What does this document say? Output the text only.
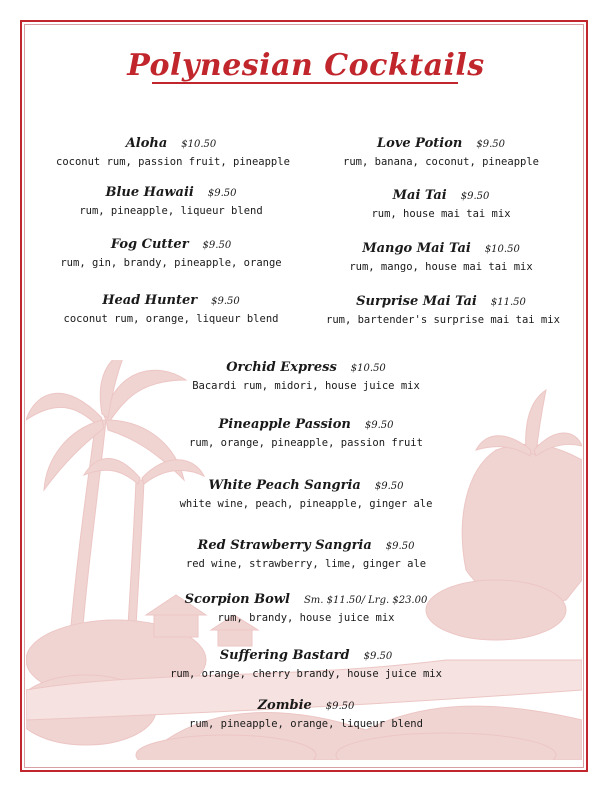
Polynesian Cocktails
Aloha $10.50
coconut rum, passion fruit, pineapple
Blue Hawaii $9.50
rum, pineapple, liqueur blend
Fog Cutter $9.50
rum, gin, brandy, pineapple, orange
Head Hunter $9.50
coconut rum, orange, liqueur blend
Love Potion $9.50
rum, banana, coconut, pineapple
Mai Tai $9.50
rum, house mai tai mix
Mango Mai Tai $10.50
rum, mango, house mai tai mix
Surprise Mai Tai $11.50
rum, bartender's surprise mai tai mix
Orchid Express $10.50
Bacardi rum, midori, house juice mix
Pineapple Passion $9.50
rum, orange, pineapple, passion fruit
White Peach Sangria $9.50
white wine, peach, pineapple, ginger ale
Red Strawberry Sangria $9.50
red wine, strawberry, lime, ginger ale
Scorpion Bowl Sm. $11.50/ Lrg. $23.00
rum, brandy, house juice mix
Suffering Bastard $9.50
rum, orange, cherry brandy, house juice mix
Zombie $9.50
rum, pineapple, orange, liqueur blend
